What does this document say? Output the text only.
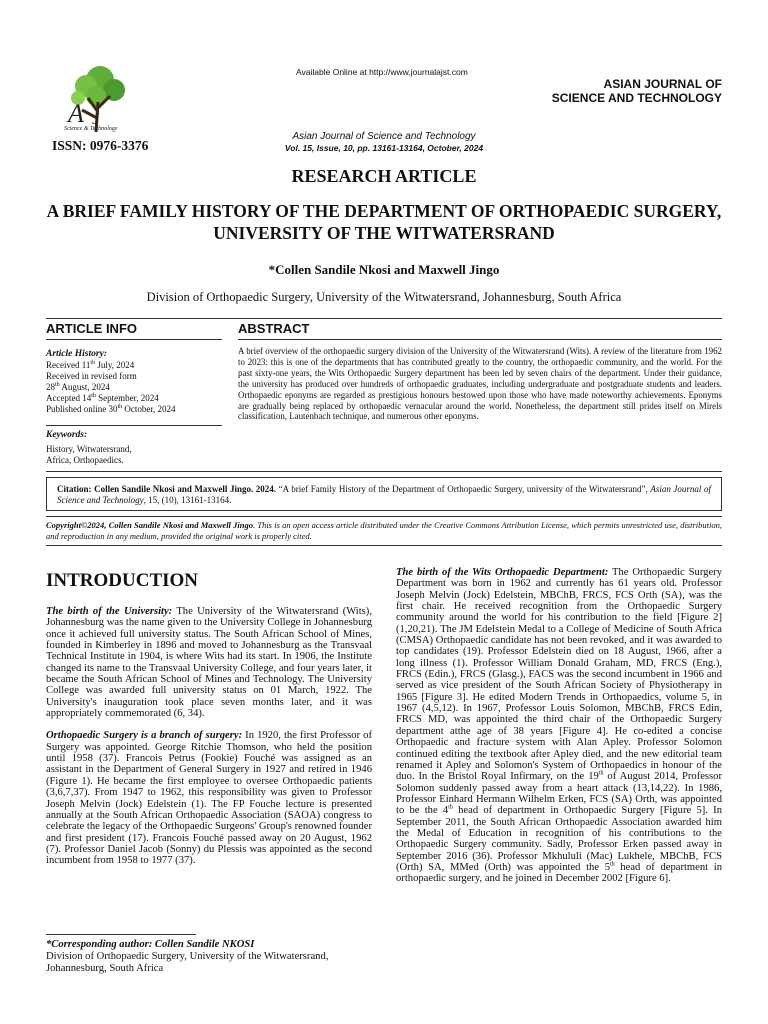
A J
Science & Technology
ISSN: 0976-3376
Available Online at http://www.journalajst.com
ASIAN JOURNAL OF
SCIENCE AND TECHNOLOGY
Asian Journal of Science and Technology
Vol. 15, Issue, 10, pp. 13161-13164, October, 2024
RESEARCH ARTICLE
A BRIEF FAMILY HISTORY OF THE DEPARTMENT OF ORTHOPAEDIC SURGERY, UNIVERSITY OF THE WITWATERSRAND
*Collen Sandile Nkosi and Maxwell Jingo
Division of Orthopaedic Surgery, University of the Witwatersrand, Johannesburg, South Africa
ARTICLE INFO	ABSTRACT
Article History:
Received 11th July, 2024
Received in revised form
28th August, 2024
Accepted 14th September, 2024
Published online 30th October, 2024
Keywords:
History, Witwatersrand,
Africa, Orthopaedics.
A brief overview of the orthopaedic surgery division of the University of the Witwatersrand (Wits). A review of the literature from 1962 to 2023: this is one of the departments that has contributed greatly to the country, the orthopaedic community, and the world. For the past sixty-one years, the Wits Orthopaedic Surgery department has been led by seven chairs of the department. Under their guidance, the university has produced over hundreds of orthopaedic graduates, including undergraduate and postgraduate students and leaders. Orthopaedic eponyms are regarded as prestigious honours bestowed upon those who have made noteworthy achievements. Eponyms are gradually being replaced by orthopaedic vernacular around the world. Nonetheless, the department still prides itself on Mirels classification, Lautenbach technique, and numerous other eponyms.
Citation: Collen Sandile Nkosi and Maxwell Jingo. 2024. “A brief Family History of the Department of Orthopaedic Surgery, university of the Witwatersrand”, Asian Journal of Science and Technology, 15, (10), 13161-13164.
Copyright©2024, Collen Sandile Nkosi and Maxwell Jingo. This is an open access article distributed under the Creative Commons Attribution License, which permits unrestricted use, distribution, and reproduction in any medium, provided the original work is properly cited.
INTRODUCTION

The birth of the University: The University of the Witwatersrand (Wits), Johannesburg was the name given to the University College in Johannesburg once it achieved full university status. The South African School of Mines, founded in Kimberley in 1896 and moved to Johannesburg as the Transvaal Technical Institute in 1904, is where Wits had its start. In 1906, the Institute changed its name to the Transvaal University College, and four years later, it became the South African School of Mines and Technology. The University College was awarded full university status on 01 March, 1922. The University's inauguration took place seven months later, and it was appropriately commemorated (6, 34).

Orthopaedic Surgery is a branch of surgery: In 1920, the first Professor of Surgery was appointed. George Ritchie Thomson, who held the position until 1958 (37). Francois Petrus (Fookie) Fouché was assigned as an assistant in the Department of General Surgery in 1927 and retired in 1946 (Figure 1). He became the first employee to oversee Orthopaedic patients (3,6,7,37). From 1947 to 1962, this responsibility was given to Professor Joseph Melvin (Jock) Edelstein (1). The FP Fouche lecture is presented annually at the South African Orthopaedic Association (SAOA) congress to celebrate the legacy of the Orthopaedic Surgeons' Group's renowned founder and first president (17). Francois Fouché passed away on 20 August, 1962 (7). Professor Daniel Jacob (Sonny) du Plessis was appointed as the second incumbent from 1958 to 1977 (37).

*Corresponding author: Collen Sandile NKOSI
Division of Orthopaedic Surgery, University of the Witwatersrand, Johannesburg, South Africa

The birth of the Wits Orthopaedic Department: The Orthopaedic Surgery Department was born in 1962 and currently has 61 years old. Professor Joseph Melvin (Jock) Edelstein, MBChB, FRCS, FCS Orth (SA), was the first chair. He received recognition from the Orthopaedic Surgery community around the world for his contribution to the field [Figure 2] (1,20,21). The JM Edelstein Medal to a College of Medicine of South Africa (CMSA) Orthopaedic candidate has not been revoked, and it was awarded to top candidates (19). Professor Edelstein died on 18 August, 1966, after a long illness (1). Professor William Donald Graham, MD, FRCS (Eng.), FRCS (Edin.), FRCS (Glasg.), FACS was the second incumbent in 1966 and served as vice president of the South African Society of Physiotherapy in 1965 [Figure 3]. He edited Modern Trends in Orthopaedics, volume 5, in 1967 (4,5,12). In 1967, Professor Louis Solomon, MBChB, FRCS Edin, FRCS MD, was appointed the third chair of the Orthopaedic Surgery department atthe age of 38 years [Figure 4]. He co-edited a concise Orthopaedic and fracture system with Alan Apley. Professor Solomon continued editing the textbook after Apley died, and the new editorial team renamed it Apley and Solomon's System of Orthopaedics in honour of the duo. In the Bristol Royal Infirmary, on the 19th of August 2014, Professor Solomon suddenly passed away from a heart attack (13,14,22). In 1986, Professor Einhard Hermann Wilhelm Erken, FCS (SA) Orth, was appointed to be the 4th head of department in Orthopaedic Surgery [Figure 5]. In September 2011, the South African Orthopaedic Association awarded him the Medal of Education in recognition of his contributions to the Orthopaedic Surgery community. Sadly, Professor Erken passed away in September 2016 (36). Professor Mkhululi (Mac) Lukhele, MBChB, FCS (Orth) SA, MMed (Orth) was appointed the 5th head of department in orthopaedic surgery, and he joined in December 2002 [Figure 6].
